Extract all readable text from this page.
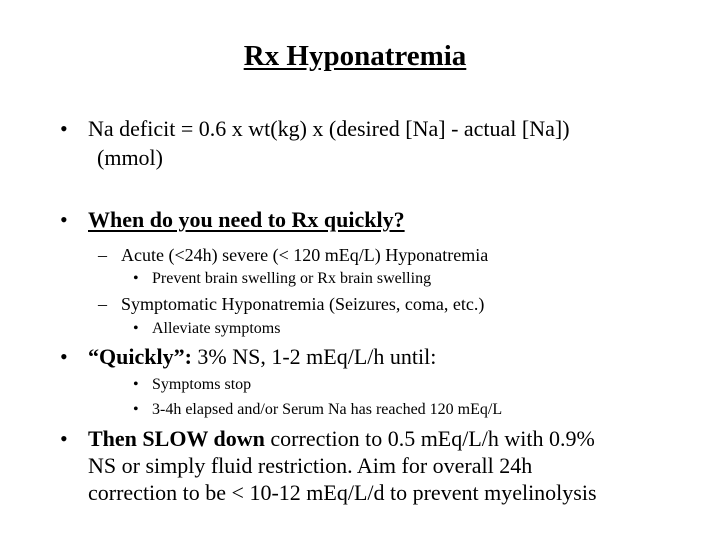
Rx Hyponatremia
• Na deficit = 0.6 x wt(kg) x (desired [Na] - actual [Na])
(mmol)
• When do you need to Rx quickly?
– Acute (<24h) severe (< 120 mEq/L) Hyponatremia
• Prevent brain swelling or Rx brain swelling
– Symptomatic Hyponatremia (Seizures, coma, etc.)
• Alleviate symptoms
• “Quickly”: 3% NS, 1-2 mEq/L/h until:
• Symptoms stop
• 3-4h elapsed and/or Serum Na has reached 120 mEq/L
• Then SLOW down correction to 0.5 mEq/L/h with 0.9%
NS or simply fluid restriction. Aim for overall 24h
correction to be < 10-12 mEq/L/d to prevent myelinolysis
